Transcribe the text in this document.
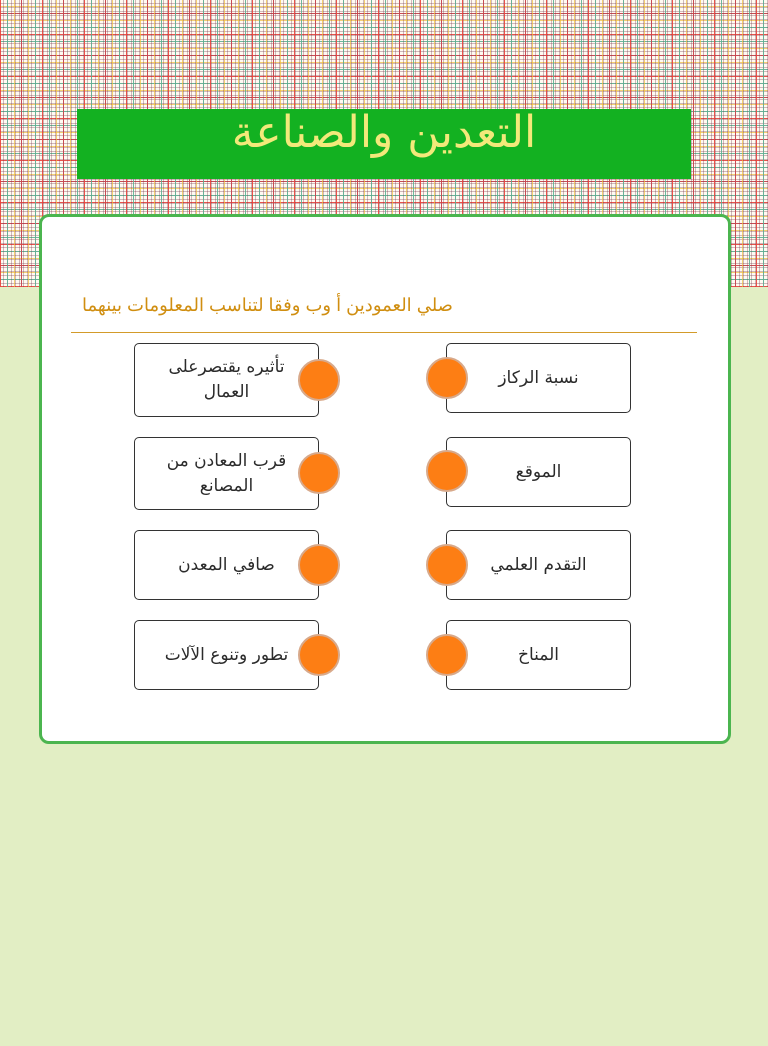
التعدين والصناعة
صلي العمودين أ وب وفقا لتناسب المعلومات بينهما
تأثيره يقتصرعلى العمال
قرب المعادن من المصانع
صافي المعدن
تطور وتنوع الآلات
نسبة الركاز
الموقع
التقدم العلمي
المناخ
